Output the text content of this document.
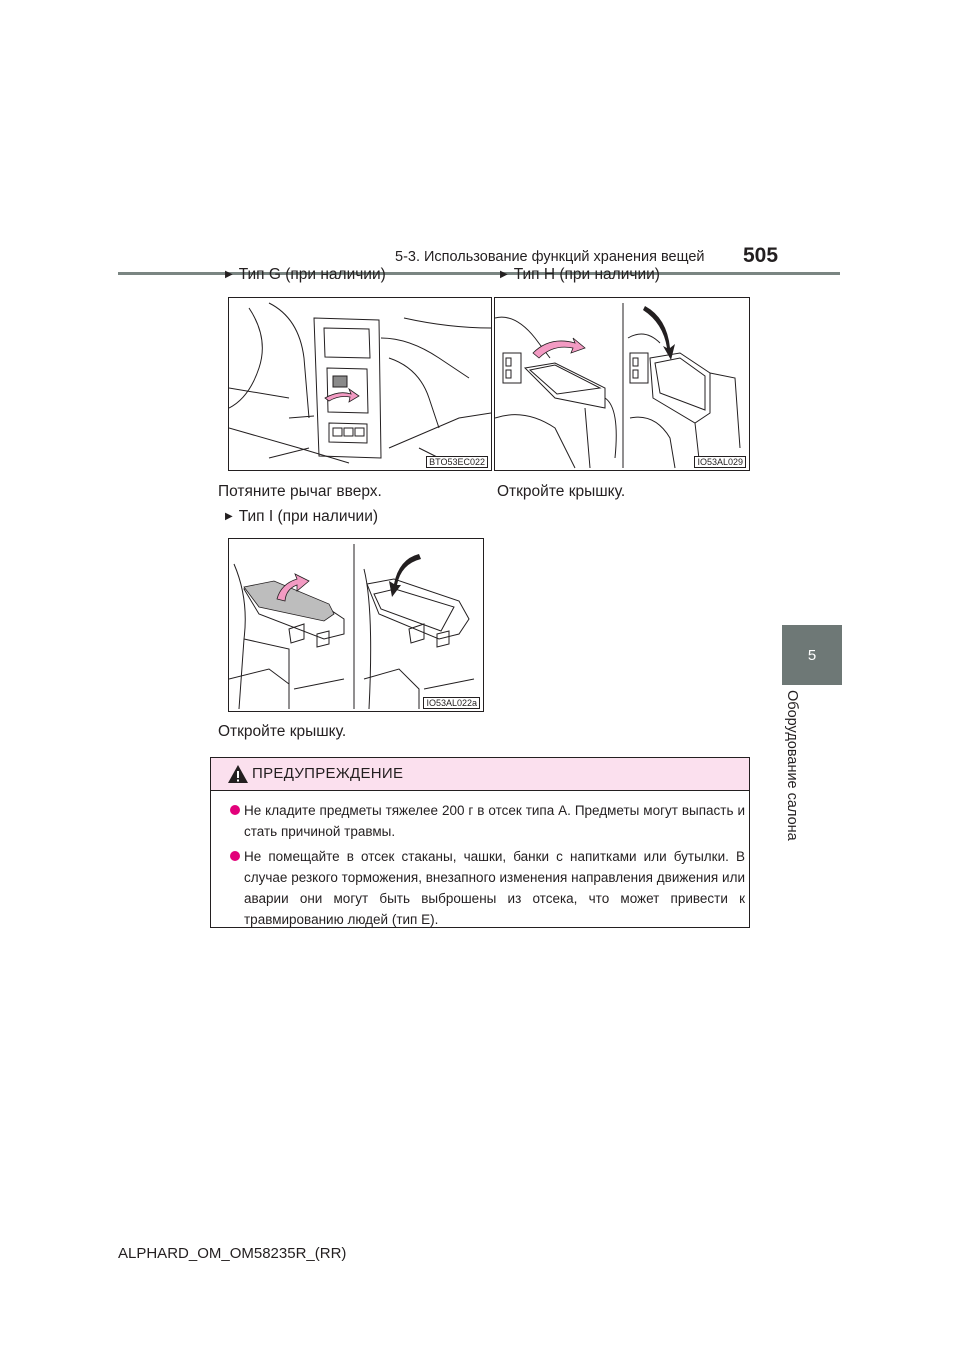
5-3. Использование функций хранения вещей 505
5
Оборудование салона
▶ Тип G (при наличии)
BTO53EC022
Потяните рычаг вверх.
▶ Тип H (при наличии)
IO53AL029
Откройте крышку.
▶ Тип I (при наличии)
IO53AL022a
Откройте крышку.
ПРЕДУПРЕЖДЕНИЕ
Не кладите предметы тяжелее 200 г в отсек типа А. Предметы могут выпасть и стать причиной травмы.
Не помещайте в отсек стаканы, чашки, банки с напитками или бутылки. В случае резкого торможения, внезапного изменения направления движения или аварии они могут быть выброшены из отсека, что может привести к травмированию людей (тип E).
ALPHARD_OM_OM58235R_(RR)
